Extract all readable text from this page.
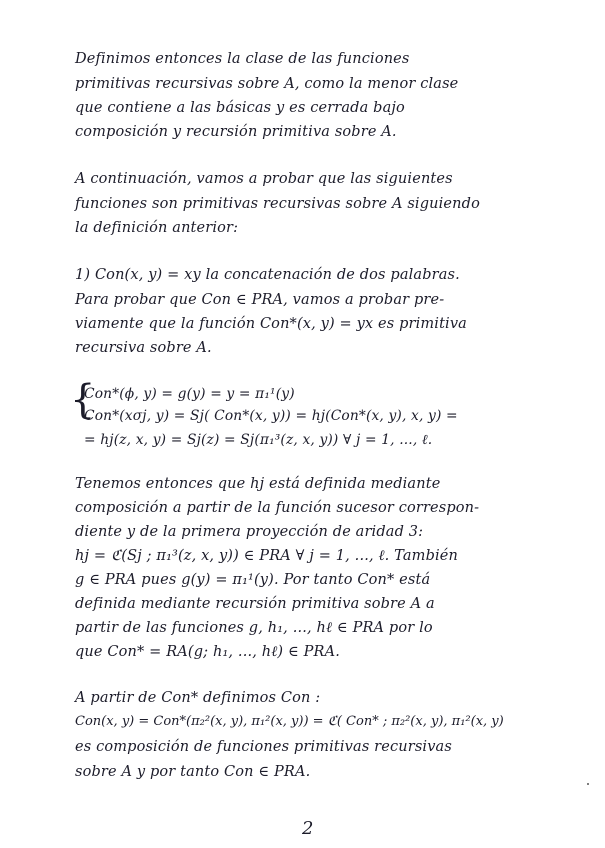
Definimos entonces la clase de las funciones
primitivas recursivas sobre A, como la menor clase
que contiene a las básicas y es cerrada bajo
composición y recursión primitiva sobre A.
A continuación, vamos a probar que las siguientes
funciones son primitivas recursivas sobre A siguiendo
la definición anterior:
1) Con(x, y) = xy la concatenación de dos palabras.
Para probar que Con ∈ PRA, vamos a probar pre-
viamente que la función Con*(x, y) = yx es primitiva
recursiva sobre A.
{
Con*(ϕ, y) = g(y) = y = π₁¹(y)
Con*(xσj, y) = Sj( Con*(x, y)) = hj(Con*(x, y), x, y) =
= hj(z, x, y) = Sj(z) = Sj(π₁³(z, x, y)) ∀ j = 1, ..., ℓ.
Tenemos entonces que hj está definida mediante
composición a partir de la función sucesor correspon-
diente y de la primera proyección de aridad 3:
hj = ℭ(Sj ; π₁³(z, x, y)) ∈ PRA ∀ j = 1, ..., ℓ. También
g ∈ PRA pues g(y) = π₁¹(y). Por tanto Con* está
definida mediante recursión primitiva sobre A a
partir de las funciones g, h₁, ..., hℓ ∈ PRA por lo
que Con* = RA(g; h₁, ..., hℓ) ∈ PRA.
A partir de Con* definimos Con :
Con(x, y) = Con*(π₂²(x, y), π₁²(x, y)) = ℭ( Con* ; π₂²(x, y), π₁²(x, y)
es composición de funciones primitivas recursivas
sobre A y por tanto Con ∈ PRA.
2
